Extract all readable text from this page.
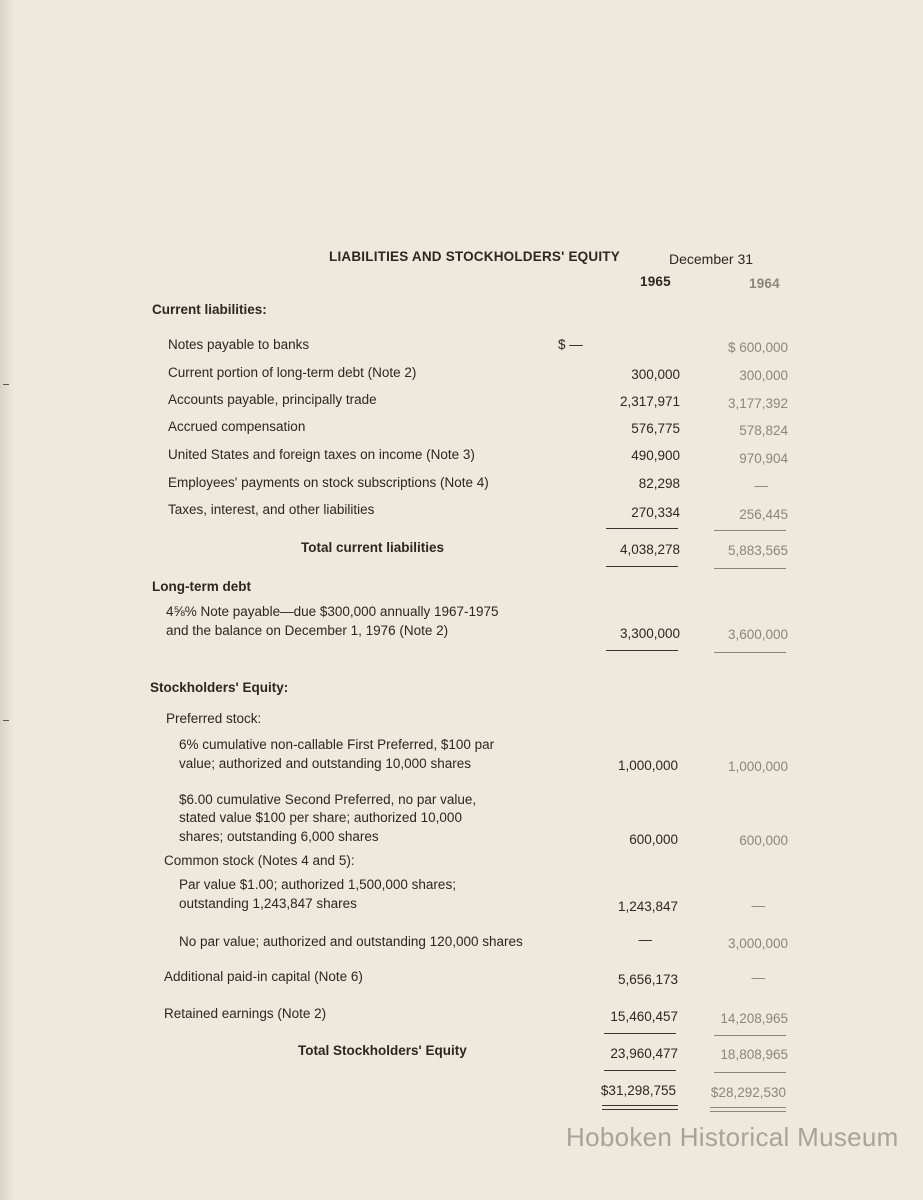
LIABILITIES AND STOCKHOLDERS' EQUITY	December 31
1965	1964
Current liabilities:
Notes payable to banks	$ —	$ 600,000
Current portion of long-term debt (Note 2)	300,000	300,000
Accounts payable, principally trade	2,317,971	3,177,392
Accrued compensation	576,775	578,824
United States and foreign taxes on income (Note 3)	490,900	970,904
Employees' payments on stock subscriptions (Note 4)	82,298	—
Taxes, interest, and other liabilities	270,334	256,445
Total current liabilities	4,038,278	5,883,565
Long-term debt
4⅝% Note payable—due $300,000 annually 1967-1975
and the balance on December 1, 1976 (Note 2)	3,300,000	3,600,000
Stockholders' Equity:
Preferred stock:
6% cumulative non-callable First Preferred, $100 par
value; authorized and outstanding 10,000 shares	1,000,000	1,000,000
$6.00 cumulative Second Preferred, no par value,
stated value $100 per share; authorized 10,000
shares; outstanding 6,000 shares	600,000	600,000
Common stock (Notes 4 and 5):
Par value $1.00; authorized 1,500,000 shares;
outstanding 1,243,847 shares	1,243,847	—
No par value; authorized and outstanding 120,000 shares	—	3,000,000
Additional paid-in capital (Note 6)	5,656,173	—
Retained earnings (Note 2)	15,460,457	14,208,965
Total Stockholders' Equity	23,960,477	18,808,965
$31,298,755	$28,292,530
Hoboken Historical Museum
